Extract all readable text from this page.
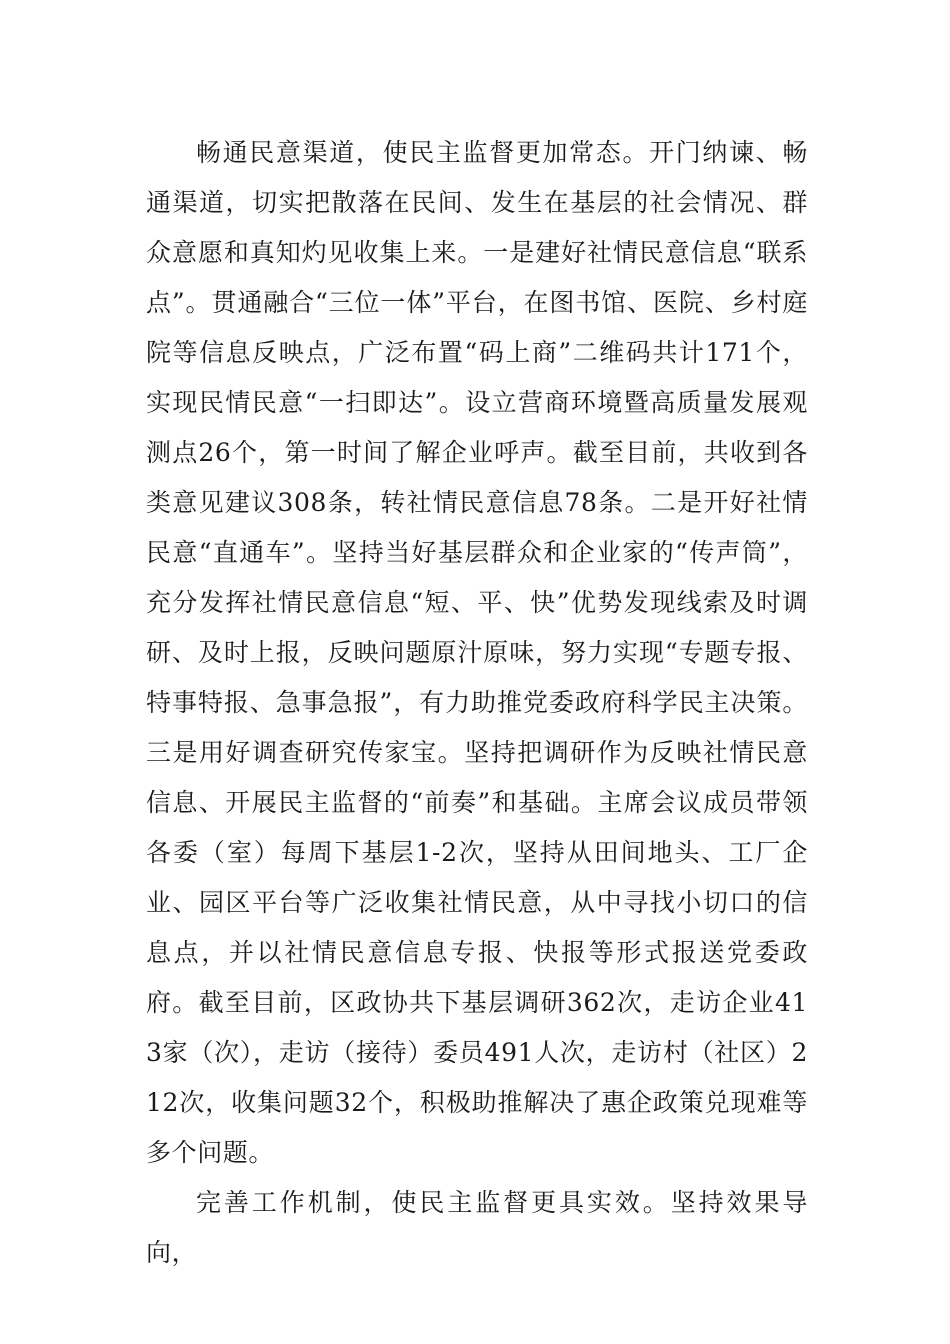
畅通民意渠道，使民主监督更加常态。开门纳谏、畅通渠道，切实把散落在民间、发生在基层的社会情况、群众意愿和真知灼见收集上来。一是建好社情民意信息“联系点”。贯通融合“三位一体”平台，在图书馆、医院、乡村庭院等信息反映点，广泛布置“码上商”二维码共计171个，实现民情民意“一扫即达”。设立营商环境暨高质量发展观测点26个，第一时间了解企业呼声。截至目前，共收到各类意见建议308条，转社情民意信息78条。二是开好社情民意“直通车”。坚持当好基层群众和企业家的“传声筒”，充分发挥社情民意信息“短、平、快”优势发现线索及时调研、及时上报，反映问题原汁原味，努力实现“专题专报、特事特报、急事急报”，有力助推党委政府科学民主决策。三是用好调查研究传家宝。坚持把调研作为反映社情民意信息、开展民主监督的“前奏”和基础。主席会议成员带领各委（室）每周下基层1-2次，坚持从田间地头、工厂企业、园区平台等广泛收集社情民意，从中寻找小切口的信息点，并以社情民意信息专报、快报等形式报送党委政府。截至目前，区政协共下基层调研362次，走访企业413家（次），走访（接待）委员491人次，走访村（社区）212次，收集问题32个，积极助推解决了惠企政策兑现难等多个问题。

完善工作机制，使民主监督更具实效。坚持效果导向，
